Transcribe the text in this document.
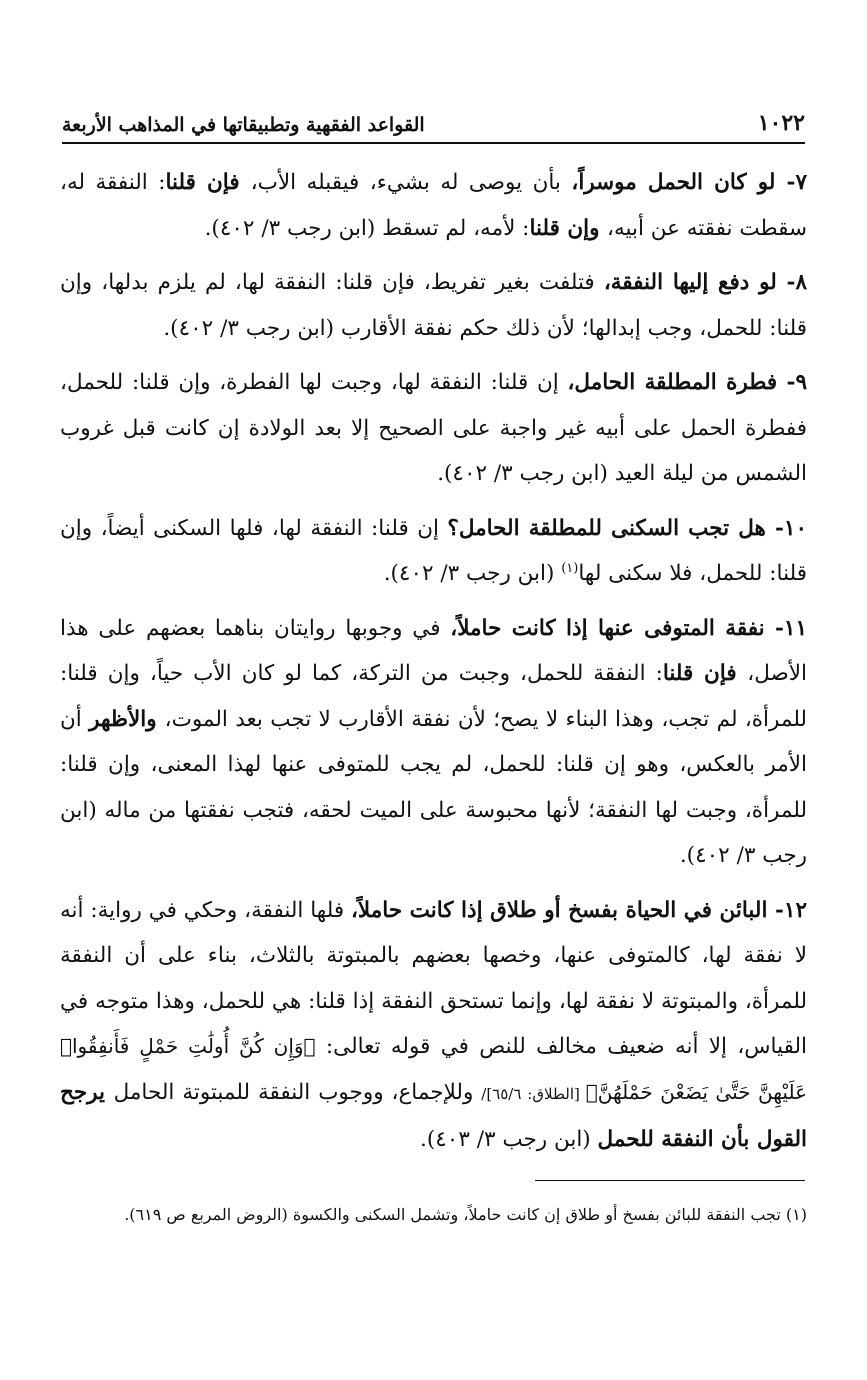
١٠٢٢
القواعد الفقهية وتطبيقاتها في المذاهب الأربعة

٧- لو كان الحمل موسراً، بأن يوصى له بشيء، فيقبله الأب، فإن قلنا: النفقة له، سقطت نفقته عن أبيه، وإن قلنا: لأمه، لم تسقط (ابن رجب ٣/ ٤٠٢).

٨- لو دفع إليها النفقة، فتلفت بغير تفريط، فإن قلنا: النفقة لها، لم يلزم بدلها، وإن قلنا: للحمل، وجب إبدالها؛ لأن ذلك حكم نفقة الأقارب (ابن رجب ٣/ ٤٠٢).

٩- فطرة المطلقة الحامل، إن قلنا: النفقة لها، وجبت لها الفطرة، وإن قلنا: للحمل، ففطرة الحمل على أبيه غير واجبة على الصحيح إلا بعد الولادة إن كانت قبل غروب الشمس من ليلة العيد (ابن رجب ٣/ ٤٠٢).

١٠- هل تجب السكنى للمطلقة الحامل؟ إن قلنا: النفقة لها، فلها السكنى أيضاً، وإن قلنا: للحمل، فلا سكنى لها$^{(١)}$ (ابن رجب ٣/ ٤٠٢).

١١- نفقة المتوفى عنها إذا كانت حاملاً، في وجوبها روايتان بناهما بعضهم على هذا الأصل، فإن قلنا: النفقة للحمل، وجبت من التركة، كما لو كان الأب حياً، وإن قلنا: للمرأة، لم تجب، وهذا البناء لا يصح؛ لأن نفقة الأقارب لا تجب بعد الموت، والأظهر أن الأمر بالعكس، وهو إن قلنا: للحمل، لم يجب للمتوفى عنها لهذا المعنى، وإن قلنا: للمرأة، وجبت لها النفقة؛ لأنها محبوسة على الميت لحقه، فتجب نفقتها من ماله (ابن رجب ٣/ ٤٠٢).

١٢- البائن في الحياة بفسخ أو طلاق إذا كانت حاملاً، فلها النفقة، وحكي في رواية: أنه لا نفقة لها، كالمتوفى عنها، وخصها بعضهم بالمبتوتة بالثلاث، بناء على أن النفقة للمرأة، والمبتوتة لا نفقة لها، وإنما تستحق النفقة إذا قلنا: هي للحمل، وهذا متوجه في القياس، إلا أنه ضعيف مخالف للنص في قوله تعالى: ﴿وَإِن كُنَّ أُولَٰتِ حَمْلٍ فَأَنفِقُوا۟ عَلَيْهِنَّ حَتَّىٰ يَضَعْنَ حَمْلَهُنَّ﴾ [الطلاق: ٦٥/٦]/ وللإجماع، ووجوب النفقة للمبتوتة الحامل يرجح القول بأن النفقة للحمل (ابن رجب ٣/ ٤٠٣).

(١) تجب النفقة للبائن بفسخ أو طلاق إن كانت حاملاً، وتشمل السكنى والكسوة (الروض المربع ص ٦١٩).
